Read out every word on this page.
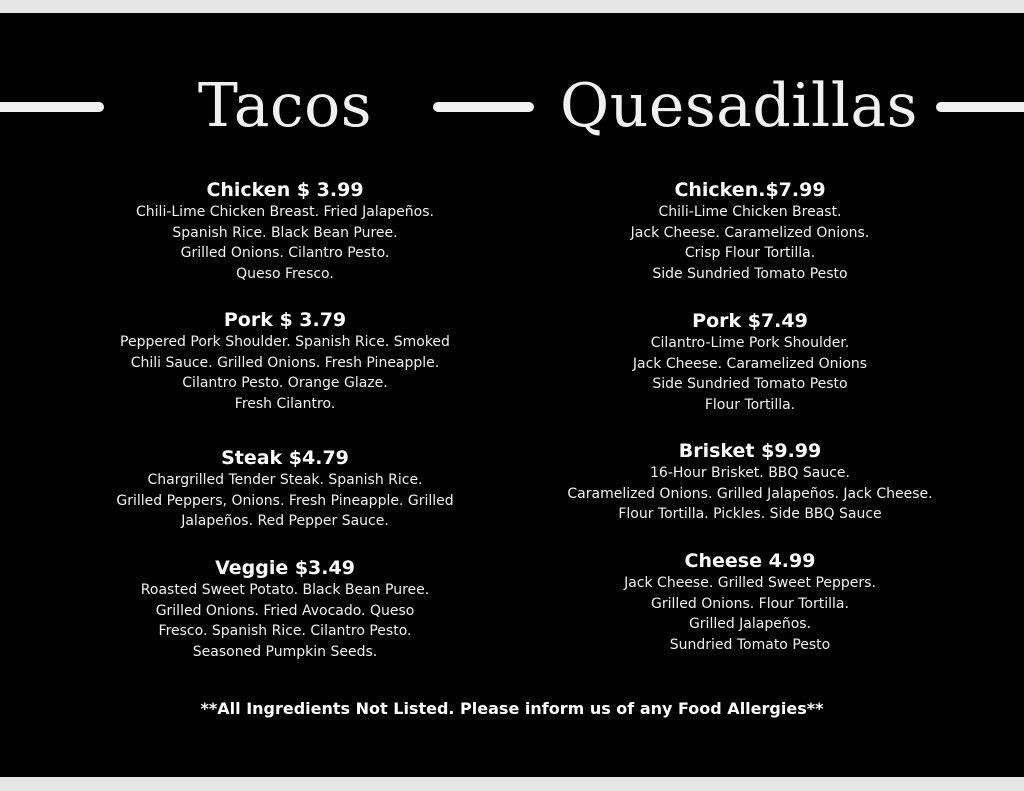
Tacos	Quesadillas
Chicken $ 3.99
Chili-Lime Chicken Breast. Fried Jalapeños.
Spanish Rice. Black Bean Puree.
Grilled Onions. Cilantro Pesto.
Queso Fresco.
Pork $ 3.79
Peppered Pork Shoulder. Spanish Rice. Smoked
Chili Sauce. Grilled Onions. Fresh Pineapple.
Cilantro Pesto. Orange Glaze.
Fresh Cilantro.
Steak $4.79
Chargrilled Tender Steak. Spanish Rice.
Grilled Peppers, Onions. Fresh Pineapple. Grilled
Jalapeños. Red Pepper Sauce.
Veggie $3.49
Roasted Sweet Potato. Black Bean Puree.
Grilled Onions. Fried Avocado. Queso
Fresco. Spanish Rice. Cilantro Pesto.
Seasoned Pumpkin Seeds.
Chicken.$7.99
Chili-Lime Chicken Breast.
Jack Cheese. Caramelized Onions.
Crisp Flour Tortilla.
Side Sundried Tomato Pesto
Pork $7.49
Cilantro-Lime Pork Shoulder.
Jack Cheese. Caramelized Onions
Side Sundried Tomato Pesto
Flour Tortilla.
Brisket $9.99
16-Hour Brisket. BBQ Sauce.
Caramelized Onions. Grilled Jalapeños. Jack Cheese.
Flour Tortilla. Pickles. Side BBQ Sauce
Cheese 4.99
Jack Cheese. Grilled Sweet Peppers.
Grilled Onions. Flour Tortilla.
Grilled Jalapeños.
Sundried Tomato Pesto
**All Ingredients Not Listed. Please inform us of any Food Allergies**
